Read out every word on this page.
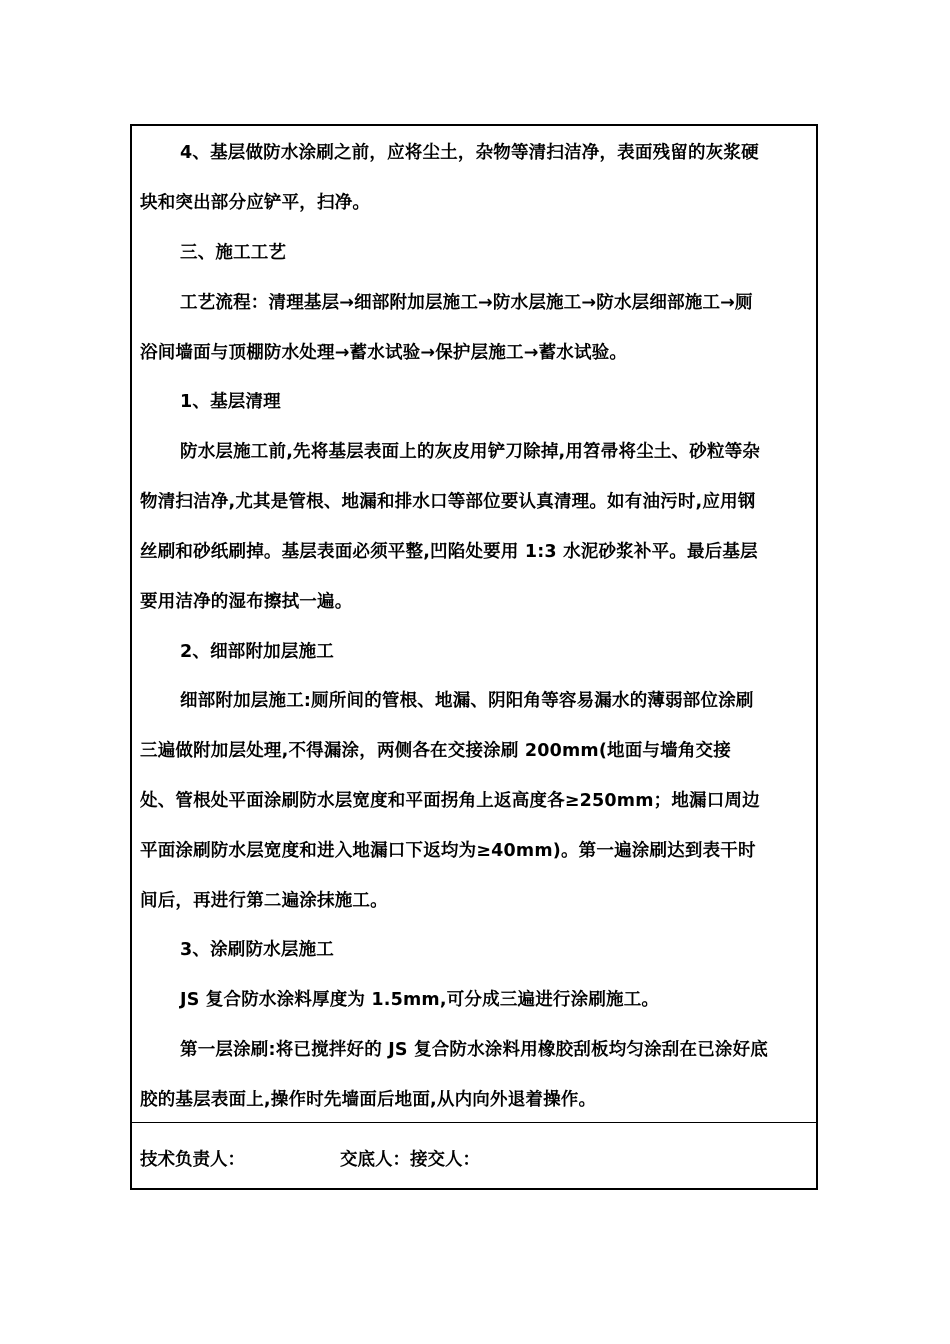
4、基层做防水涂刷之前，应将尘土，杂物等清扫洁净，表面残留的灰浆硬
块和突出部分应铲平，扫净。
三、施工工艺
工艺流程：清理基层→细部附加层施工→防水层施工→防水层细部施工→厕
浴间墙面与顶棚防水处理→蓄水试验→保护层施工→蓄水试验。
1、基层清理
防水层施工前,先将基层表面上的灰皮用铲刀除掉,用笤帚将尘土、砂粒等杂
物清扫洁净,尤其是管根、地漏和排水口等部位要认真清理。如有油污时,应用钢
丝刷和砂纸刷掉。基层表面必须平整,凹陷处要用 1:3 水泥砂浆补平。最后基层
要用洁净的湿布擦拭一遍。
2、细部附加层施工
细部附加层施工:厕所间的管根、地漏、阴阳角等容易漏水的薄弱部位涂刷
三遍做附加层处理,不得漏涂，两侧各在交接涂刷 200mm(地面与墙角交接
处、管根处平面涂刷防水层宽度和平面拐角上返高度各≥250mm；地漏口周边
平面涂刷防水层宽度和进入地漏口下返均为≥40mm)。第一遍涂刷达到表干时
间后，再进行第二遍涂抹施工。
3、涂刷防水层施工
JS 复合防水涂料厚度为 1.5mm,可分成三遍进行涂刷施工。
第一层涂刷:将已搅拌好的 JS 复合防水涂料用橡胶刮板均匀涂刮在已涂好底
胶的基层表面上,操作时先墙面后地面,从内向外退着操作。
技术负责人：	交底人：接交人：
